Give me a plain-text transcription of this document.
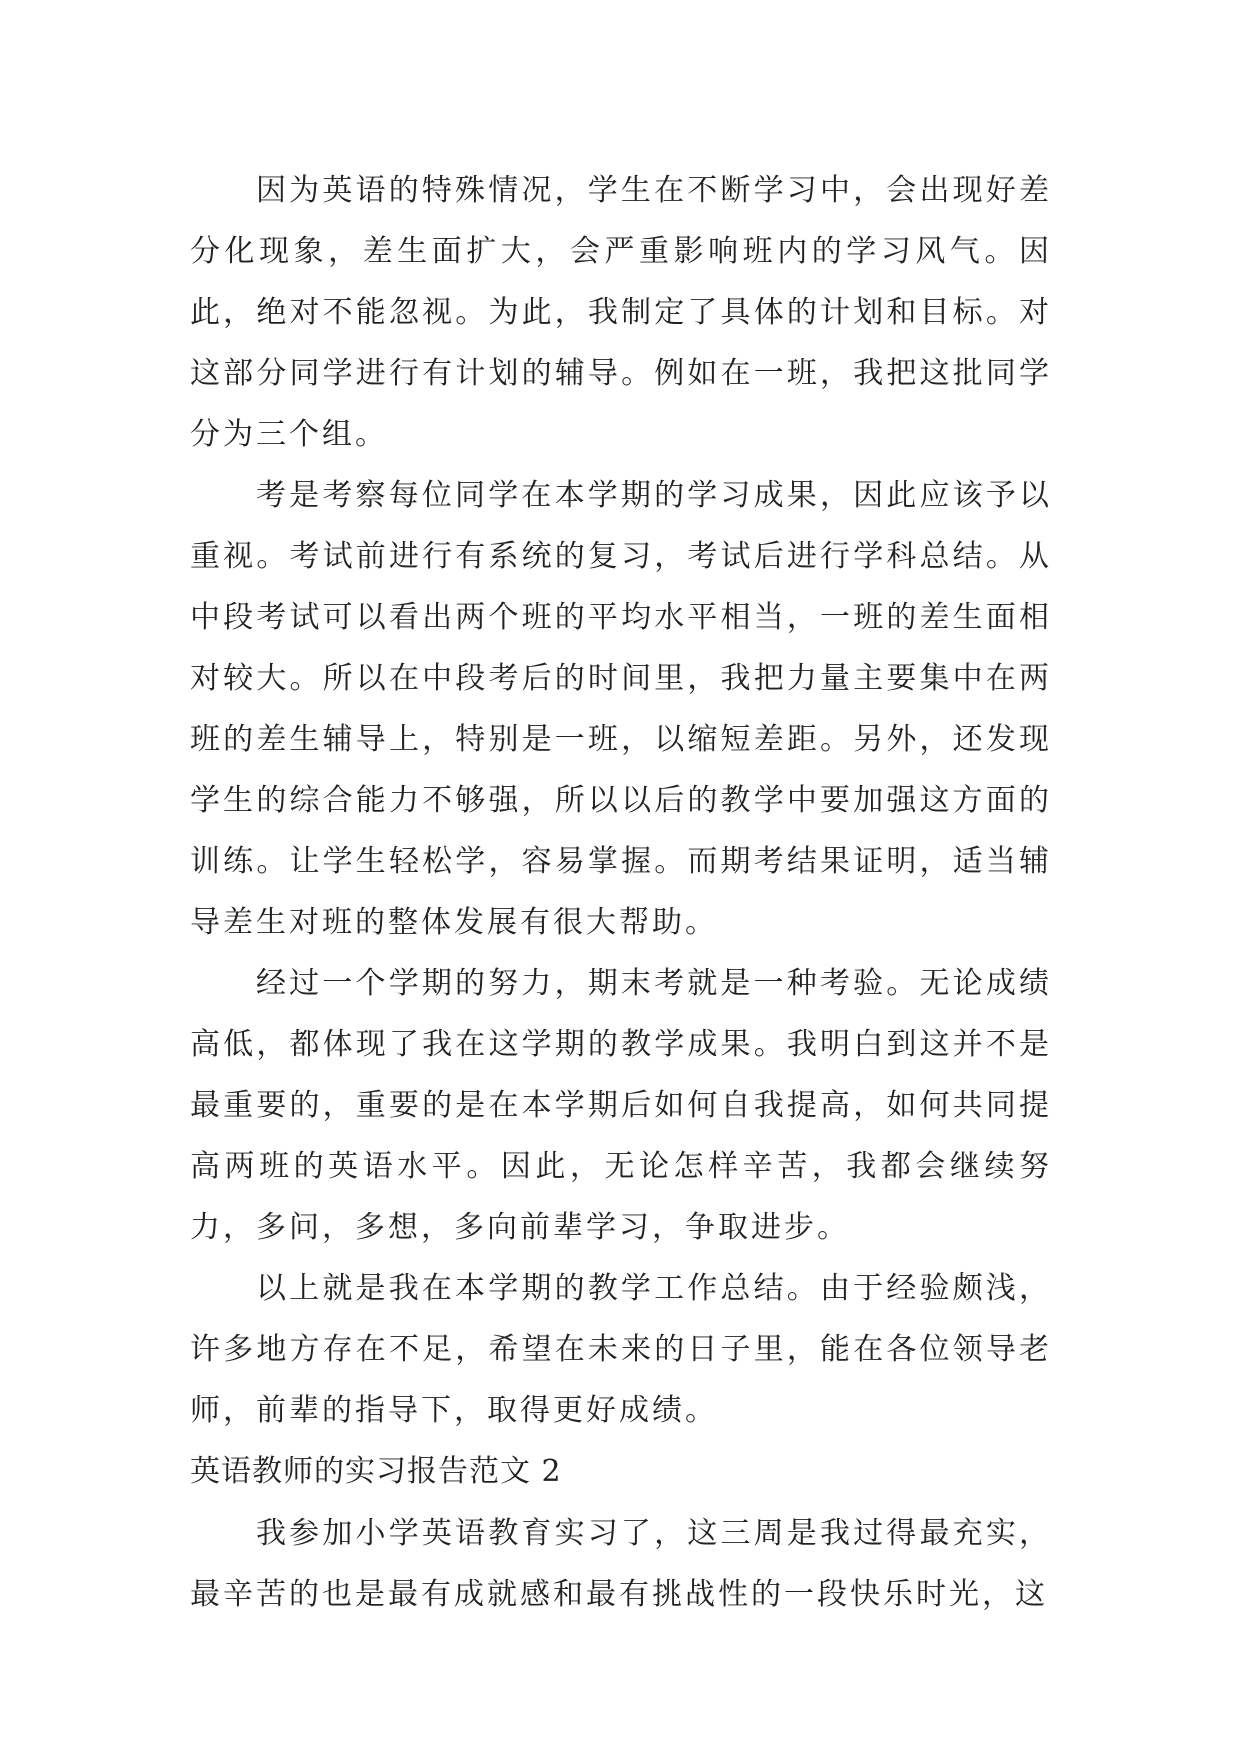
因为英语的特殊情况，学生在不断学习中，会出现好差分化现象，差生面扩大，会严重影响班内的学习风气。因此，绝对不能忽视。为此，我制定了具体的计划和目标。对这部分同学进行有计划的辅导。例如在一班，我把这批同学分为三个组。

考是考察每位同学在本学期的学习成果，因此应该予以重视。考试前进行有系统的复习，考试后进行学科总结。从中段考试可以看出两个班的平均水平相当，一班的差生面相对较大。所以在中段考后的时间里，我把力量主要集中在两班的差生辅导上，特别是一班，以缩短差距。另外，还发现学生的综合能力不够强，所以以后的教学中要加强这方面的训练。让学生轻松学，容易掌握。而期考结果证明，适当辅导差生对班的整体发展有很大帮助。

经过一个学期的努力，期末考就是一种考验。无论成绩高低，都体现了我在这学期的教学成果。我明白到这并不是最重要的，重要的是在本学期后如何自我提高，如何共同提高两班的英语水平。因此，无论怎样辛苦，我都会继续努力，多问，多想，多向前辈学习，争取进步。

以上就是我在本学期的教学工作总结。由于经验颇浅，许多地方存在不足，希望在未来的日子里，能在各位领导老师，前辈的指导下，取得更好成绩。

英语教师的实习报告范文 2

我参加小学英语教育实习了，这三周是我过得最充实，最辛苦的也是最有成就感和最有挑战性的一段快乐时光，这
